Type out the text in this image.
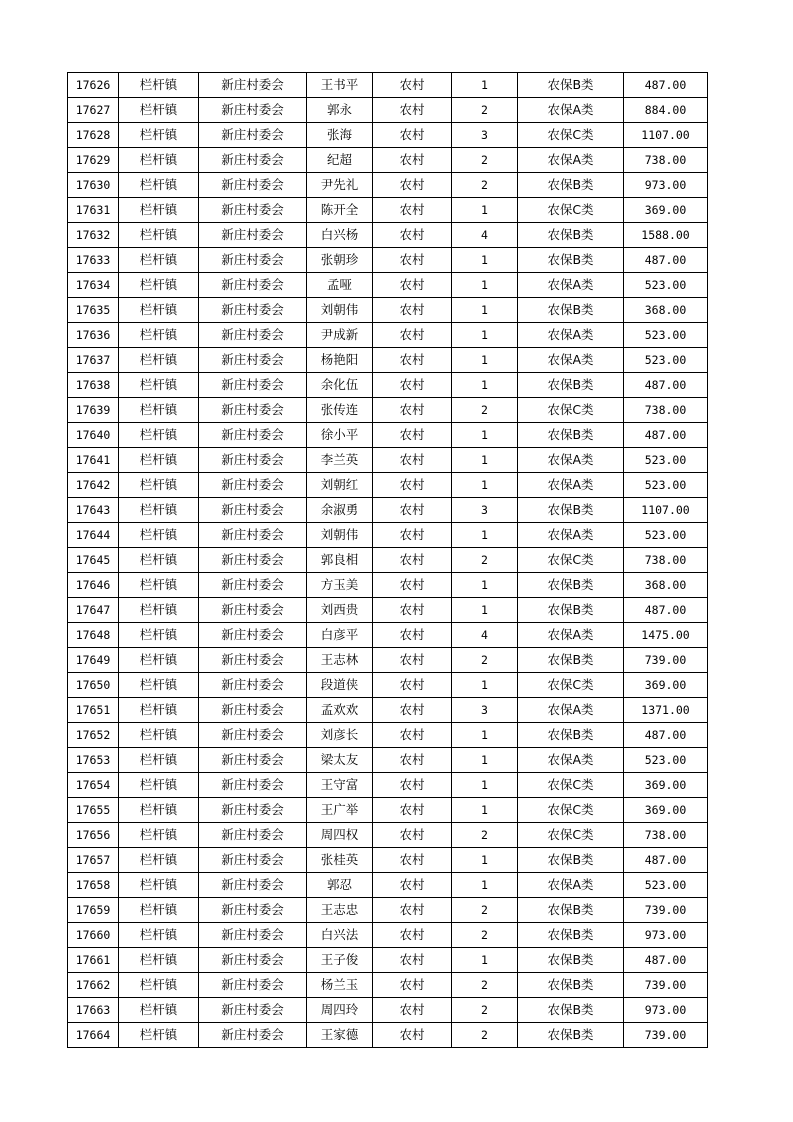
17626	栏杆镇	新庄村委会	王书平	农村	1	农保B类	487.00
17627	栏杆镇	新庄村委会	郭永	农村	2	农保A类	884.00
17628	栏杆镇	新庄村委会	张海	农村	3	农保C类	1107.00
17629	栏杆镇	新庄村委会	纪超	农村	2	农保A类	738.00
17630	栏杆镇	新庄村委会	尹先礼	农村	2	农保B类	973.00
17631	栏杆镇	新庄村委会	陈开全	农村	1	农保C类	369.00
17632	栏杆镇	新庄村委会	白兴杨	农村	4	农保B类	1588.00
17633	栏杆镇	新庄村委会	张朝珍	农村	1	农保B类	487.00
17634	栏杆镇	新庄村委会	孟哑	农村	1	农保A类	523.00
17635	栏杆镇	新庄村委会	刘朝伟	农村	1	农保B类	368.00
17636	栏杆镇	新庄村委会	尹成新	农村	1	农保A类	523.00
17637	栏杆镇	新庄村委会	杨艳阳	农村	1	农保A类	523.00
17638	栏杆镇	新庄村委会	余化伍	农村	1	农保B类	487.00
17639	栏杆镇	新庄村委会	张传连	农村	2	农保C类	738.00
17640	栏杆镇	新庄村委会	徐小平	农村	1	农保B类	487.00
17641	栏杆镇	新庄村委会	李兰英	农村	1	农保A类	523.00
17642	栏杆镇	新庄村委会	刘朝红	农村	1	农保A类	523.00
17643	栏杆镇	新庄村委会	余淑勇	农村	3	农保B类	1107.00
17644	栏杆镇	新庄村委会	刘朝伟	农村	1	农保A类	523.00
17645	栏杆镇	新庄村委会	郭良相	农村	2	农保C类	738.00
17646	栏杆镇	新庄村委会	方玉美	农村	1	农保B类	368.00
17647	栏杆镇	新庄村委会	刘西贵	农村	1	农保B类	487.00
17648	栏杆镇	新庄村委会	白彦平	农村	4	农保A类	1475.00
17649	栏杆镇	新庄村委会	王志林	农村	2	农保B类	739.00
17650	栏杆镇	新庄村委会	段道侠	农村	1	农保C类	369.00
17651	栏杆镇	新庄村委会	孟欢欢	农村	3	农保A类	1371.00
17652	栏杆镇	新庄村委会	刘彦长	农村	1	农保B类	487.00
17653	栏杆镇	新庄村委会	梁太友	农村	1	农保A类	523.00
17654	栏杆镇	新庄村委会	王守富	农村	1	农保C类	369.00
17655	栏杆镇	新庄村委会	王广举	农村	1	农保C类	369.00
17656	栏杆镇	新庄村委会	周四权	农村	2	农保C类	738.00
17657	栏杆镇	新庄村委会	张桂英	农村	1	农保B类	487.00
17658	栏杆镇	新庄村委会	郭忍	农村	1	农保A类	523.00
17659	栏杆镇	新庄村委会	王志忠	农村	2	农保B类	739.00
17660	栏杆镇	新庄村委会	白兴法	农村	2	农保B类	973.00
17661	栏杆镇	新庄村委会	王子俊	农村	1	农保B类	487.00
17662	栏杆镇	新庄村委会	杨兰玉	农村	2	农保B类	739.00
17663	栏杆镇	新庄村委会	周四玲	农村	2	农保B类	973.00
17664	栏杆镇	新庄村委会	王家德	农村	2	农保B类	739.00
